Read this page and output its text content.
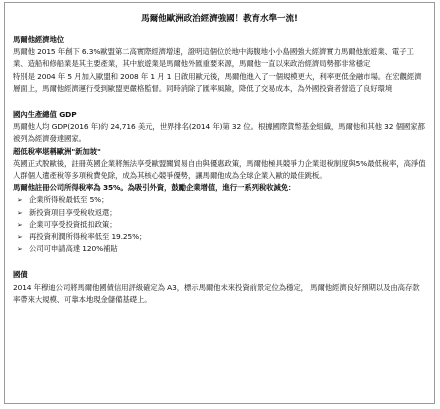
馬爾他歐洲政治經濟強國！教育水準一流!
馬爾他經濟地位

馬爾他 2015 年創下 6.3%歐盟第二高實際經濟增速，證明這個位於地中海腹地小小島國強大經濟實力馬爾他旅遊業、電子工業、造船和修船業是其主要產業，其中旅遊業是馬爾他外匯重要來源，馬爾他一直以來政治經濟局勢都非常穩定

特別是 2004 年 5 月加入歐盟和 2008 年 1 月 1 日啟用歐元後，馬爾他進入了一個規模更大，利率更低金融市場。在宏觀經濟層面上，馬爾他經濟運行受到歐盟更嚴格監督。同時消除了匯率風險，降低了交易成本，為外國投資者營造了良好環境

國內生產總值 GDP

馬爾他人均 GDP(2016 年)約 24,716 美元，世界排名(2014 年)第 32 位。根據國際貨幣基金組織，馬爾他和其他 32 個國家都被列為經濟發達國家。

超低稅率堪稱歐洲"新加坡"

英國正式脫歐後，註冊英國企業將無法享受歐盟關貿易自由與優惠政策，馬爾他極具競爭力企業退稅制度與5%最低稅率，高淨值人群個人遺產稅等多項稅費免除，成為其核心競爭優勢，讓馬爾他成為全球企業入歐的最佳跳板。

馬爾他註冊公司所得稅率為 35%。為吸引外資，鼓勵企業增值，進行一系列稅收減免：
➢ 企業所得稅最低至 5%；
➢ 新投資項目享受稅收返還；
➢ 企業可享受投資抵扣政策；
➢ 再投資利潤所得稅率低至 19.25%；
➢ 公司可申請高達 120%補貼
國債

2014 年穆迪公司將馬爾他國債信用評級確定為 A3，標示馬爾他未來投資前景定位為穩定， 馬爾他經濟良好預期以及由高存款率帶來大規模、可靠本地現金儲備基礎上。
